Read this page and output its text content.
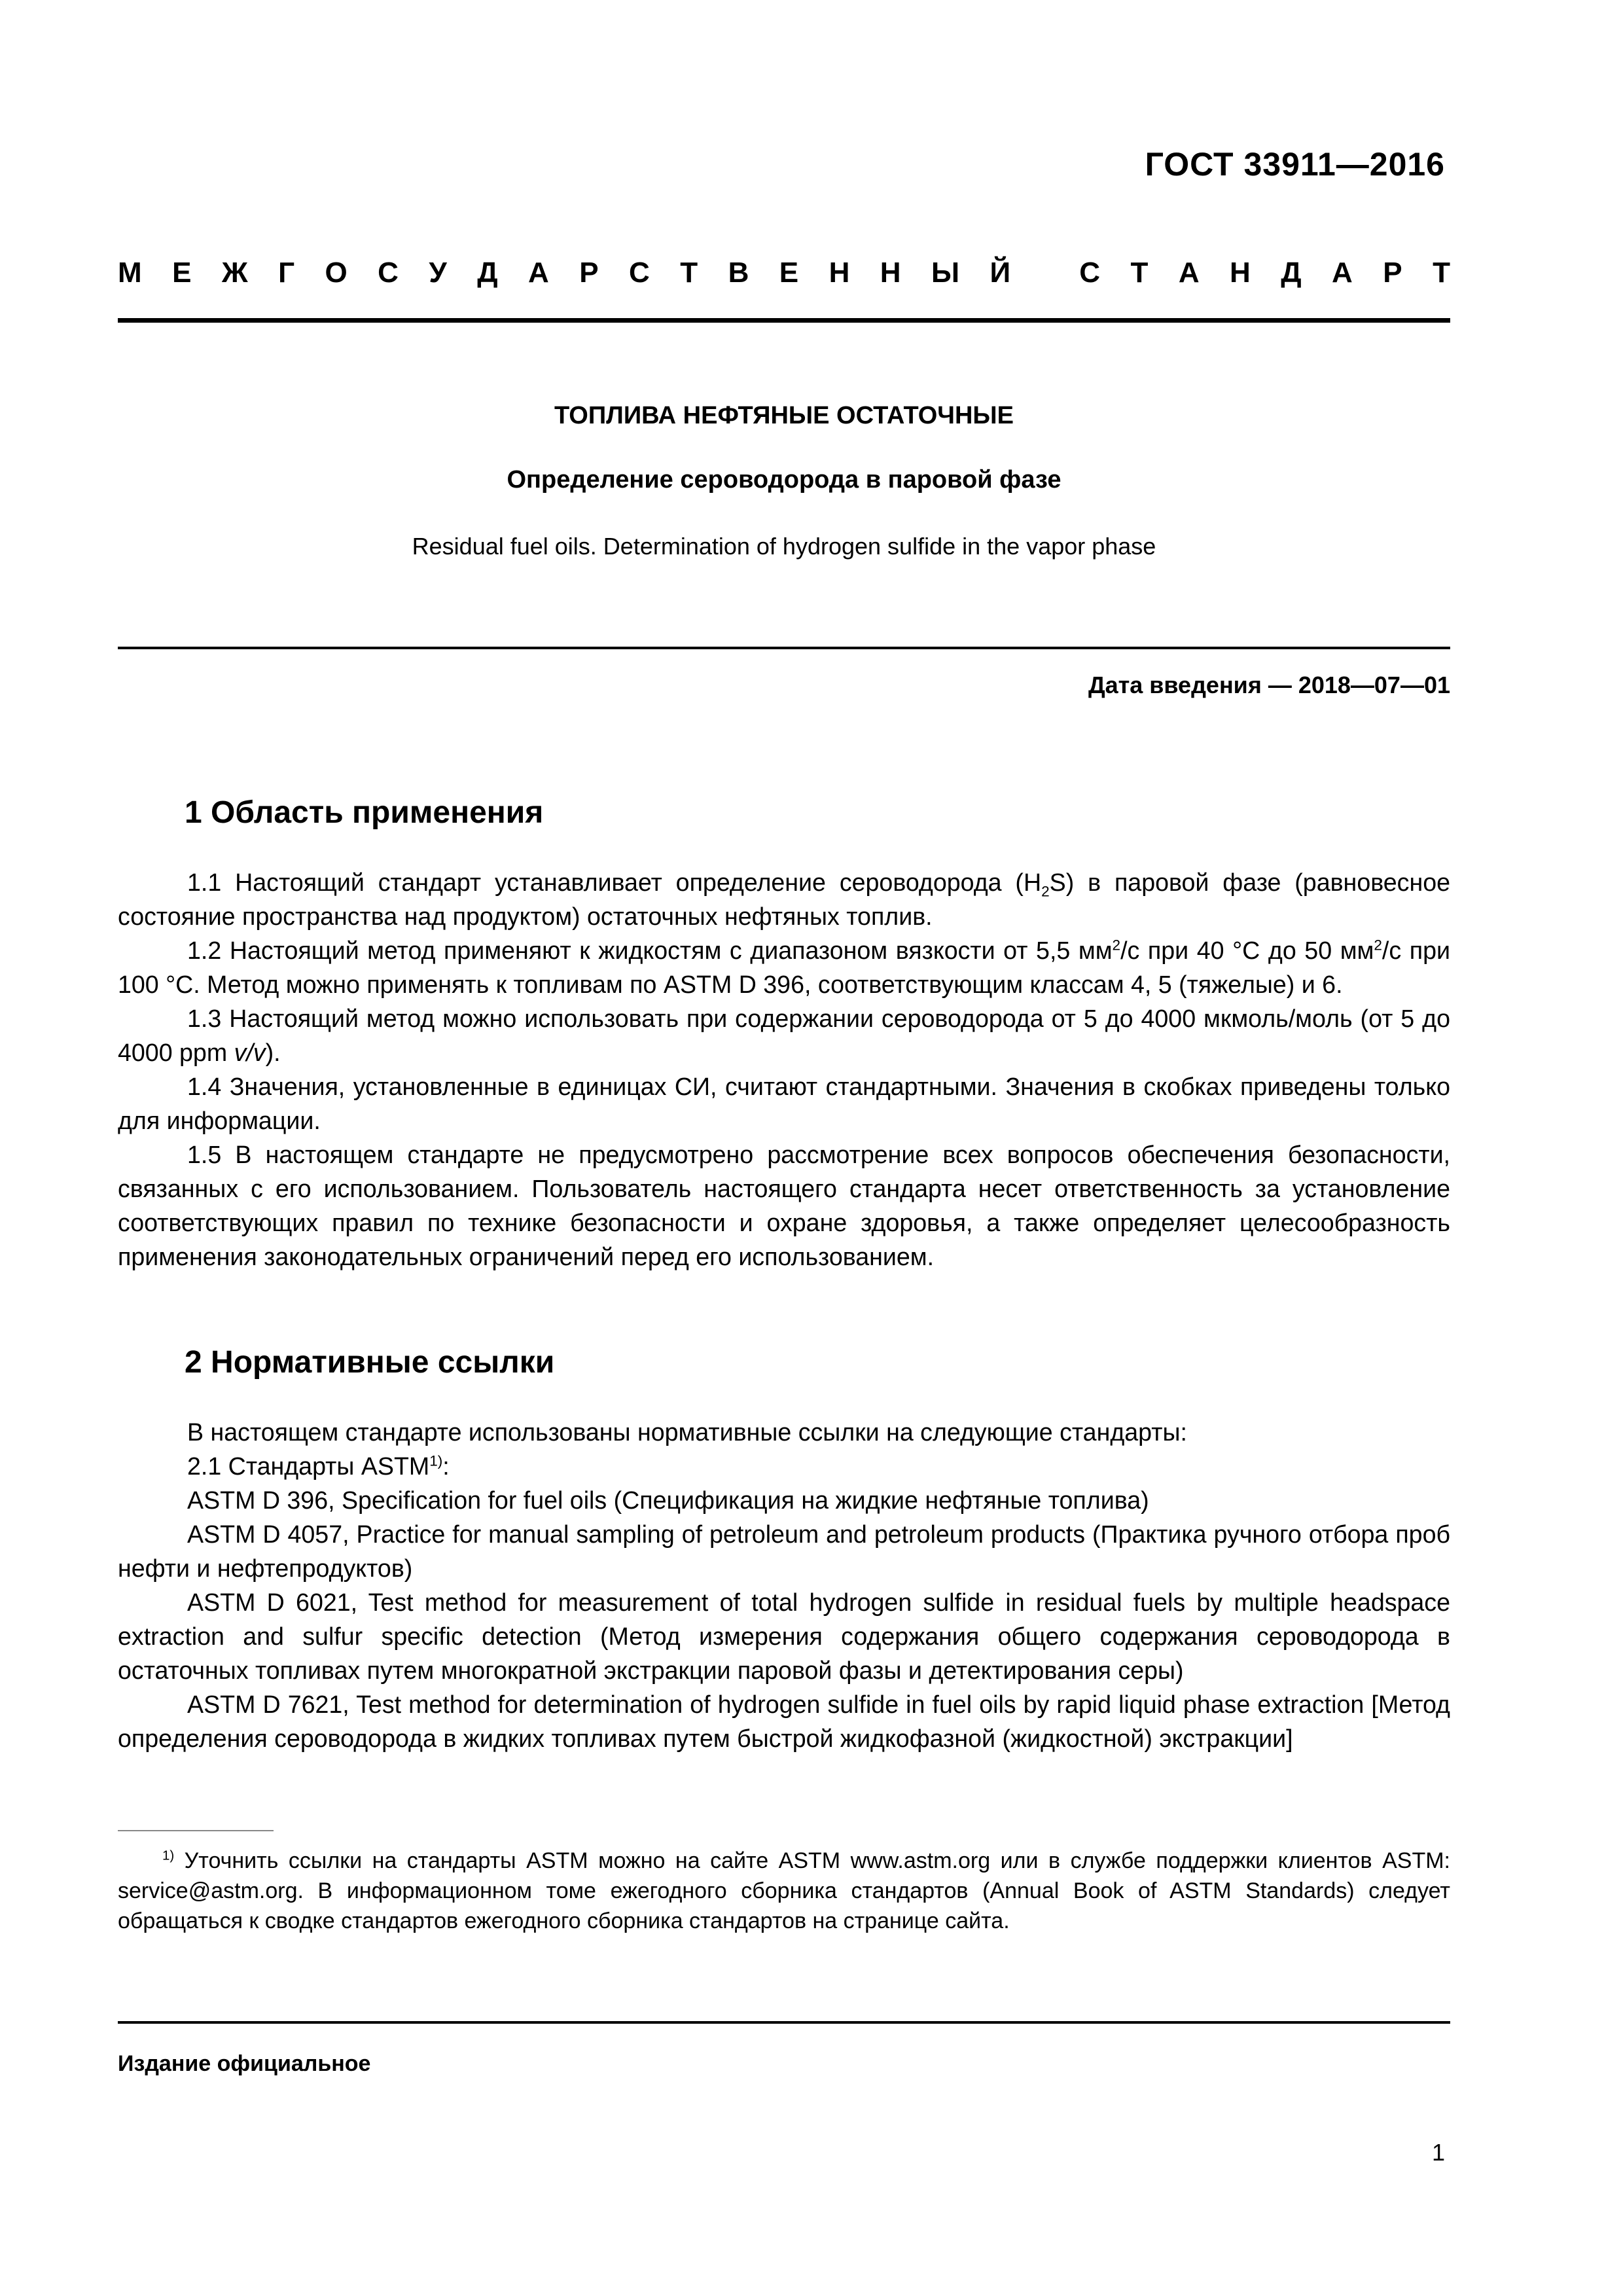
ГОСТ 33911—2016
М Е Ж Г О С У Д А Р С Т В Е Н Н Ы Й
С Т А Н Д А Р Т
ТОПЛИВА НЕФТЯНЫЕ ОСТАТОЧНЫЕ
Определение сероводорода в паровой фазе
Residual fuel oils. Determination of hydrogen sulfide in the vapor phase
Дата введения — 2018—07—01
1 Область применения

1.1 Настоящий стандарт устанавливает определение сероводорода $(H_2S)$ в паровой фазе (равновесное состояние пространства над продуктом) остаточных нефтяных топлив.

1.2 Настоящий метод применяют к жидкостям с диапазоном вязкости от 5,5 $мм^2/с$ при 40 °С до 50 $мм^2/с$ при 100 °С. Метод можно применять к топливам по ASTM D 396, соответствующим классам 4, 5 (тяжелые) и 6.

1.3 Настоящий метод можно использовать при содержании сероводорода от 5 до 4000 мкмоль/моль (от 5 до 4000 ppm v/v).

1.4 Значения, установленные в единицах СИ, считают стандартными. Значения в скобках приведены только для информации.

1.5 В настоящем стандарте не предусмотрено рассмотрение всех вопросов обеспечения безопасности, связанных с его использованием. Пользователь настоящего стандарта несет ответственность за установление соответствующих правил по технике безопасности и охране здоровья, а также определяет целесообразность применения законодательных ограничений перед его использованием.

2 Нормативные ссылки

В настоящем стандарте использованы нормативные ссылки на следующие стандарты:

2.1 Стандарты ASTM$^{1)}$:

ASTM D 396, Specification for fuel oils (Спецификация на жидкие нефтяные топлива)

ASTM D 4057, Practice for manual sampling of petroleum and petroleum products (Практика ручного отбора проб нефти и нефтепродуктов)

ASTM D 6021, Test method for measurement of total hydrogen sulfide in residual fuels by multiple headspace extraction and sulfur specific detection (Метод измерения содержания общего содержания сероводорода в остаточных топливах путем многократной экстракции паровой фазы и детектирования серы)

ASTM D 7621, Test method for determination of hydrogen sulfide in fuel oils by rapid liquid phase extraction [Метод определения сероводорода в жидких топливах путем быстрой жидкофазной (жидкостной) экстракции]

$^{1)}$ Уточнить ссылки на стандарты ASTM можно на сайте ASTM www.astm.org или в службе поддержки клиентов ASTM: service@astm.org. В информационном томе ежегодного сборника стандартов (Annual Book of ASTM Standards) следует обращаться к сводке стандартов ежегодного сборника стандартов на странице сайта.

Издание официальное
1
